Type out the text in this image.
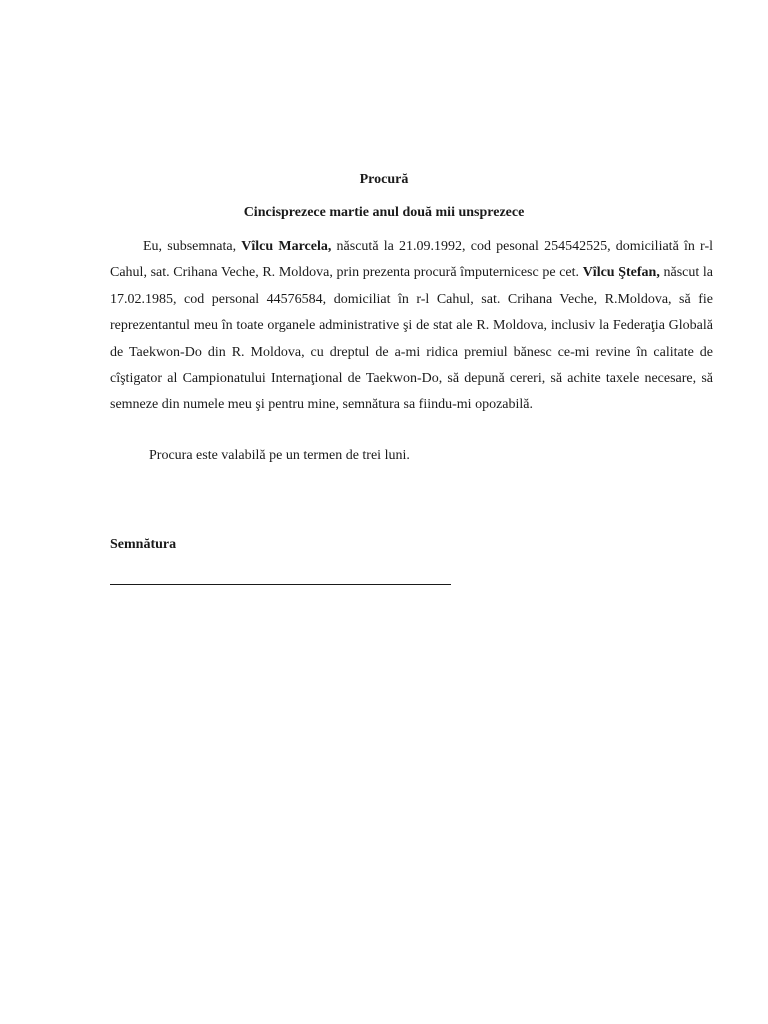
Procură

Cincisprezece martie anul două mii unsprezece

Eu, subsemnata, Vîlcu Marcela, născută la 21.09.1992, cod pesonal 254542525, domiciliată în r-l Cahul, sat. Crihana Veche, R. Moldova, prin prezenta procură împuternicesc pe cet. Vîlcu Ştefan, născut la 17.02.1985, cod personal 44576584, domiciliat în r-l Cahul, sat. Crihana Veche, R.Moldova, să fie reprezentantul meu în toate organele administrative şi de stat ale R. Moldova, inclusiv la Federaţia Globală de Taekwon-Do din R. Moldova, cu dreptul de a-mi ridica premiul bănesc ce-mi revine în calitate de cîştigator al Campionatului Internaţional de Taekwon-Do, să depună cereri, să achite taxele necesare, să semneze din numele meu şi pentru mine, semnătura sa fiindu-mi opozabilă.

Procura este valabilă pe un termen de trei luni.

Semnătura
